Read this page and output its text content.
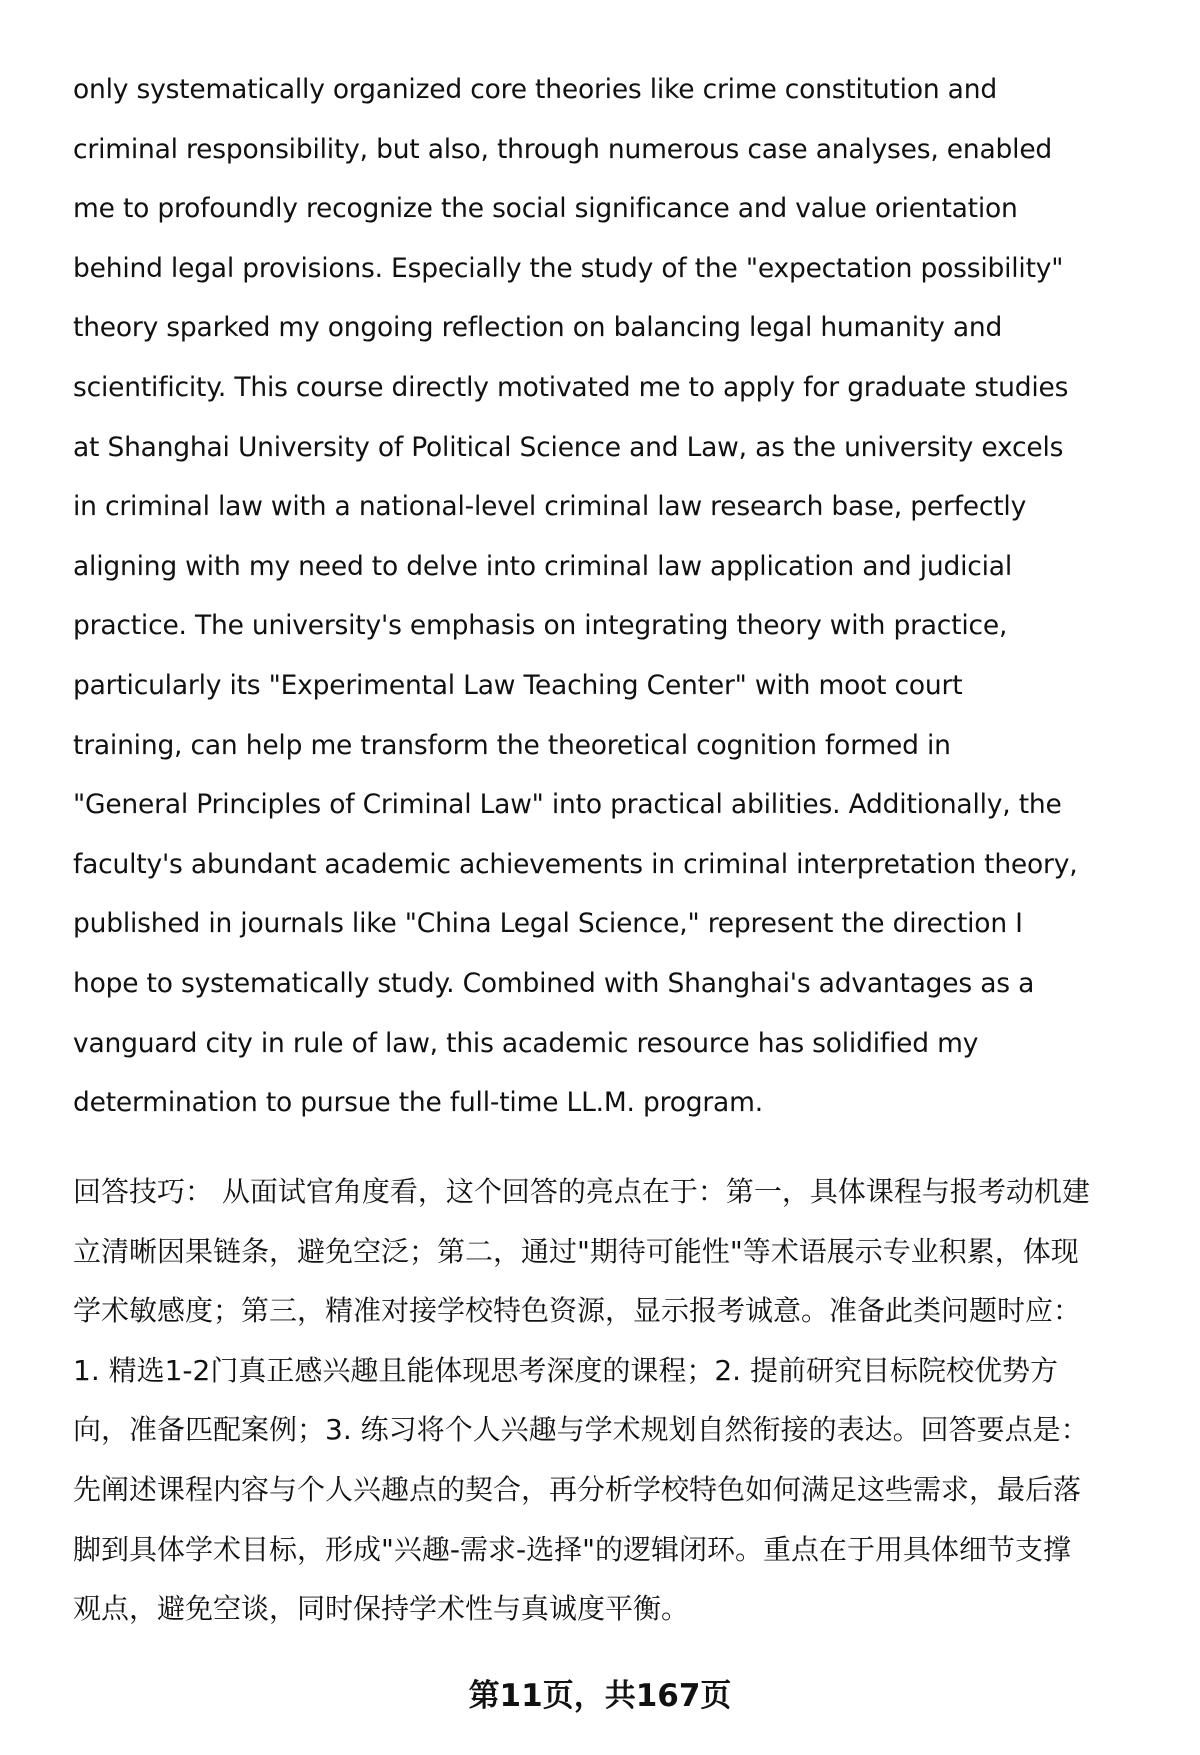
only systematically organized core theories like crime constitution and
criminal responsibility, but also, through numerous case analyses, enabled
me to profoundly recognize the social significance and value orientation
behind legal provisions. Especially the study of the "expectation possibility"
theory sparked my ongoing reflection on balancing legal humanity and
scientificity. This course directly motivated me to apply for graduate studies
at Shanghai University of Political Science and Law, as the university excels
in criminal law with a national-level criminal law research base, perfectly
aligning with my need to delve into criminal law application and judicial
practice. The university's emphasis on integrating theory with practice,
particularly its "Experimental Law Teaching Center" with moot court
training, can help me transform the theoretical cognition formed in
"General Principles of Criminal Law" into practical abilities. Additionally, the
faculty's abundant academic achievements in criminal interpretation theory,
published in journals like "China Legal Science," represent the direction I
hope to systematically study. Combined with Shanghai's advantages as a
vanguard city in rule of law, this academic resource has solidified my
determination to pursue the full-time LL.M. program.
回答技巧： 从面试官角度看，这个回答的亮点在于：第一，具体课程与报考动机建
立清晰因果链条，避免空泛；第二，通过"期待可能性"等术语展示专业积累，体现
学术敏感度；第三，精准对接学校特色资源，显示报考诚意。准备此类问题时应：
1. 精选1-2门真正感兴趣且能体现思考深度的课程；2. 提前研究目标院校优势方
向，准备匹配案例；3. 练习将个人兴趣与学术规划自然衔接的表达。回答要点是：
先阐述课程内容与个人兴趣点的契合，再分析学校特色如何满足这些需求，最后落
脚到具体学术目标，形成"兴趣-需求-选择"的逻辑闭环。重点在于用具体细节支撑
观点，避免空谈，同时保持学术性与真诚度平衡。
第11页，共167页
